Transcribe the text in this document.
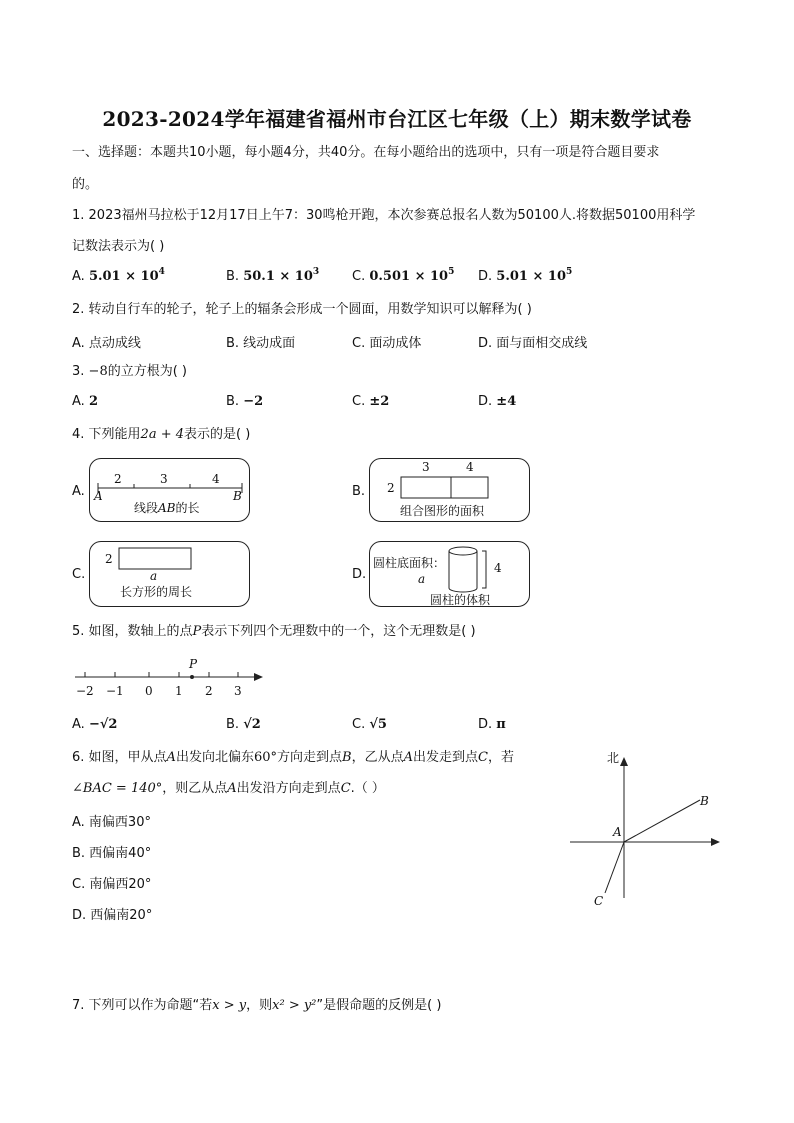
2023-2024学年福建省福州市台江区七年级（上）期末数学试卷
一、选择题：本题共10小题，每小题4分，共40分。在每小题给出的选项中，只有一项是符合题目要求
的。
1. 2023福州马拉松于12月17日上午7：30鸣枪开跑，本次参赛总报名人数为50100人.将数据50100用科学
记数法表示为( )
A. $5.01 \times 10^4$	B. $50.1 \times 10^3$	C. $0.501 \times 10^5$ D. $5.01 \times 10^5$
2. 转动自行车的轮子，轮子上的辐条会形成一个圆面，用数学知识可以解释为( )
A. 点动成线	B. 线动成面	C. 面动成体	D. 面与面相交成线
3. −8的立方根为( )
A. 2	B. −2	C. ±2	D. ±4
4. 下列能用2a + 4表示的是( )
A.
2	3	4
A	B
线段AB的长
B.
3	4
2
组合图形的面积
C.
2
a
长方形的周长
D.
圆柱底面积：
a
4
圆柱的体积
5. 如图，数轴上的点P表示下列四个无理数中的一个，这个无理数是( )
P
−2 −1 0 1 2 3
A. −√2	B. √2	C. √5	D. π
6. 如图，甲从点A出发向北偏东60°方向走到点B，乙从点A出发走到点C，若
∠BAC = 140°，则乙从点A出发沿方向走到点C.（ ）
A. 南偏西30°
B. 西偏南40°
C. 南偏西20°
D. 西偏南20°
北
A
B
C
7. 下列可以作为命题“若x > y，则x² > y²”是假命题的反例是( )
